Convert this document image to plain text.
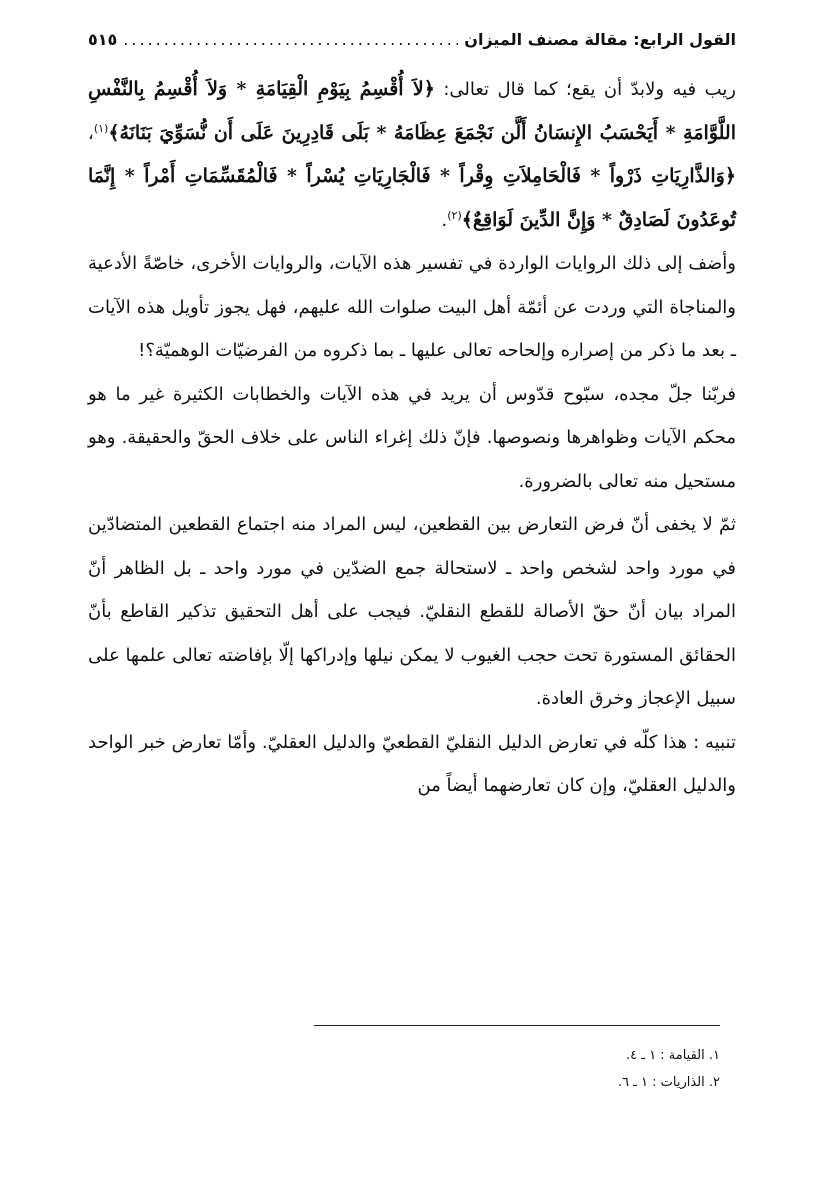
القول الرابع: مقالة مصنف الميزان
.....
٥١٥

ريب فيه ولابدّ أن يقع؛ كما قال تعالى: ﴿لاَ أُقْسِمُ بِيَوْمِ الْقِيَامَةِ * وَلاَ أُقْسِمُ بِالنَّفْسِ اللَّوَّامَةِ * أَيَحْسَبُ الإِنسَانُ أَلَّن نَجْمَعَ عِظَامَهُ * بَلَى قَادِرِينَ عَلَى أَن نُّسَوِّيَ بَنَانَهُ﴾$^{(١)}$، ﴿وَالذَّارِيَاتِ ذَرْواً * فَالْحَامِلاَتِ وِقْراً * فَالْجَارِيَاتِ يُسْراً * فَالْمُقَسِّمَاتِ أَمْراً * إِنَّمَا تُوعَدُونَ لَصَادِقٌ * وَإِنَّ الدِّينَ لَوَاقِعٌ﴾$^{(٢)}$.

وأضف إلى ذلك الروايات الواردة في تفسير هذه الآيات، والروايات الأخرى، خاصّةً الأدعية والمناجاة التي وردت عن أئمّة أهل البيت صلوات الله عليهم، فهل يجوز تأويل هذه الآيات ـ بعد ما ذكر من إصراره وإلحاحه تعالى عليها ـ بما ذكروه من الفرضيّات الوهميّة؟!

فربّنا جلّ مجده، سبّوح قدّوس أن يريد في هذه الآيات والخطابات الكثيرة غير ما هو محكم الآيات وظواهرها ونصوصها. فإنّ ذلك إغراء الناس على خلاف الحقّ والحقيقة. وهو مستحيل منه تعالى بالضرورة.

ثمّ لا يخفى أنّ فرض التعارض بين القطعين، ليس المراد منه اجتماع القطعين المتضادّين في مورد واحد لشخص واحد ـ لاستحالة جمع الضدّين في مورد واحد ـ بل الظاهر أنّ المراد بيان أنّ حقّ الأصالة للقطع النقليّ. فيجب على أهل التحقيق تذكير القاطع بأنّ الحقائق المستورة تحت حجب الغيوب لا يمكن نيلها وإدراكها إلّا بإفاضته تعالى علمها على سبيل الإعجاز وخرق العادة.

تنبيه : هذا كلّه في تعارض الدليل النقليّ القطعيّ والدليل العقليّ. وأمّا تعارض خبر الواحد والدليل العقليّ، وإن كان تعارضهما أيضاً من

١. القيامة : ١ ـ ٤.

٢. الذاريات : ١ ـ ٦.
